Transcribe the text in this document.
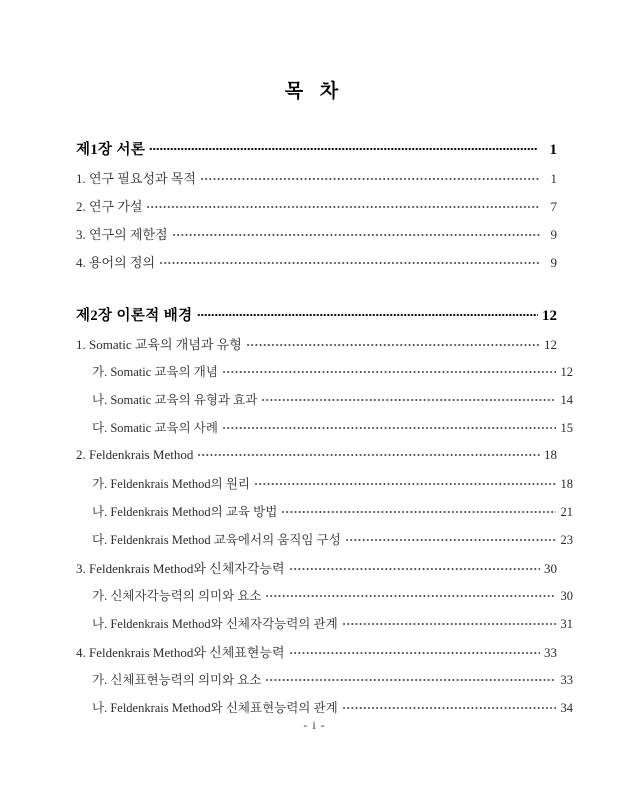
목 차
제1장 서론	1
1. 연구 필요성과 목적	1
2. 연구 가설	7
3. 연구의 제한점	9
4. 용어의 정의	9
제2장 이론적 배경	12
1. Somatic 교육의 개념과 유형	12
가. Somatic 교육의 개념	12
나. Somatic 교육의 유형과 효과	14
다. Somatic 교육의 사례	15
2. Feldenkrais Method	18
가. Feldenkrais Method의 원리	18
나. Feldenkrais Method의 교육 방법	21
다. Feldenkrais Method 교육에서의 움직임 구성	23
3. Feldenkrais Method와 신체자각능력	30
가. 신체자각능력의 의미와 요소	30
나. Feldenkrais Method와 신체자각능력의 관계	31
4. Feldenkrais Method와 신체표현능력	33
가. 신체표현능력의 의미와 요소	33
나. Feldenkrais Method와 신체표현능력의 관계	34
- i -
